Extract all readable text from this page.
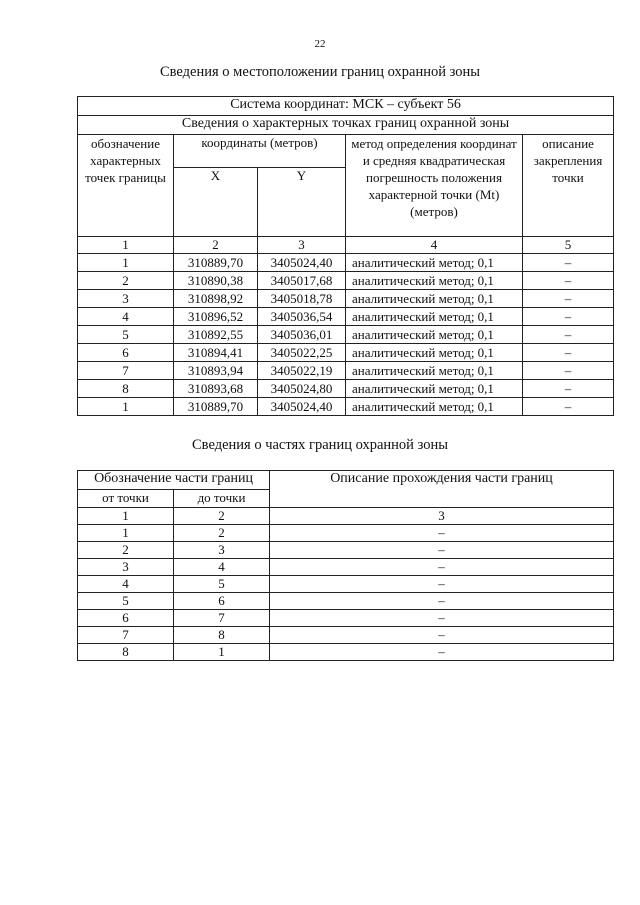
22
Сведения о местоположении границ охранной зоны
Система координат: МСК – субъект 56				
Сведения о характерных точках границ охранной зоны				
обозначение характерных точек границы	координаты (метров)		метод определения координат и средняя квадратическая погрешность положения характерной точки (Mt) (метров)	описание закрепления точки
	X	Y		
1	2	3	4	5
1	310889,70	3405024,40	аналитический метод; 0,1	–
2	310890,38	3405017,68	аналитический метод; 0,1	–
3	310898,92	3405018,78	аналитический метод; 0,1	–
4	310896,52	3405036,54	аналитический метод; 0,1	–
5	310892,55	3405036,01	аналитический метод; 0,1	–
6	310894,41	3405022,25	аналитический метод; 0,1	–
7	310893,94	3405022,19	аналитический метод; 0,1	–
8	310893,68	3405024,80	аналитический метод; 0,1	–
1	310889,70	3405024,40	аналитический метод; 0,1	–
Сведения о частях границ охранной зоны
Обозначение части границ		Описание прохождения части границ
от точки	до точки	
1	2	3
1	2	–
2	3	–
3	4	–
4	5	–
5	6	–
6	7	–
7	8	–
8	1	–
